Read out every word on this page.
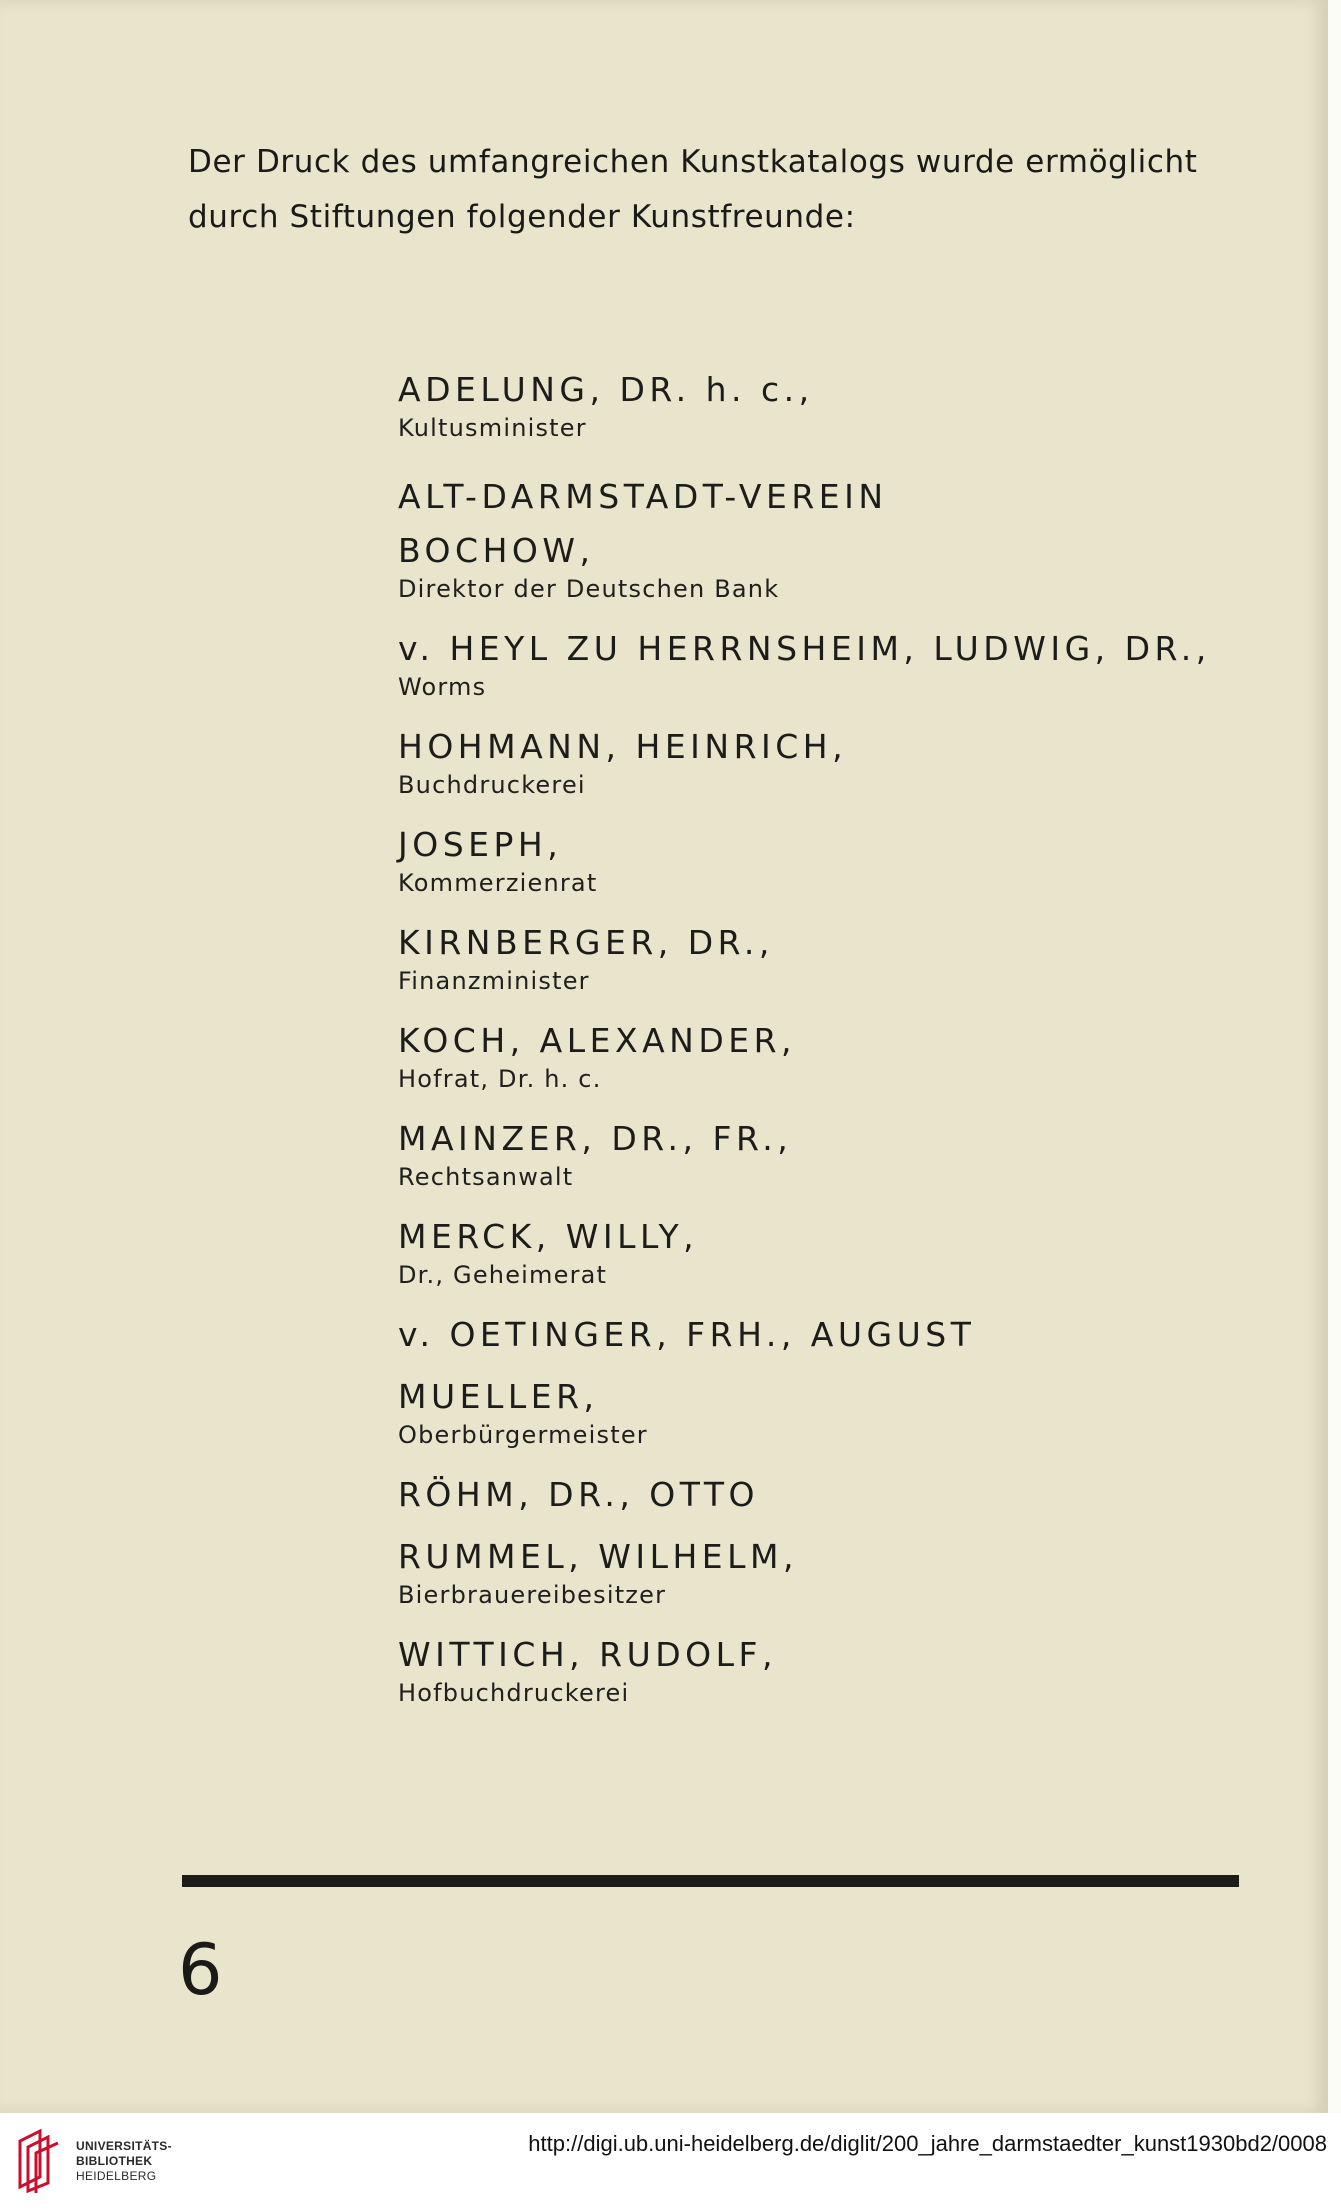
Der Druck des umfangreichen Kunstkatalogs wurde ermöglicht
durch Stiftungen folgender Kunstfreunde:

ADELUNG, DR. h. c.,
Kultusminister
ALT-DARMSTADT-VEREIN
BOCHOW,
Direktor der Deutschen Bank
v. HEYL ZU HERRNSHEIM, LUDWIG, DR.,
Worms
HOHMANN, HEINRICH,
Buchdruckerei
JOSEPH,
Kommerzienrat
KIRNBERGER, DR.,
Finanzminister
KOCH, ALEXANDER,
Hofrat, Dr. h. c.
MAINZER, DR., FR.,
Rechtsanwalt
MERCK, WILLY,
Dr., Geheimerat
v. OETINGER, FRH., AUGUST
MUELLER,
Oberbürgermeister
RÖHM, DR., OTTO
RUMMEL, WILHELM,
Bierbrauereibesitzer
WITTICH, RUDOLF,
Hofbuchdruckerei
6
UNIVERSITÄTS-
BIBLIOTHEK
HEIDELBERG
http://digi.ub.uni-heidelberg.de/diglit/200_jahre_darmstaedter_kunst1930bd2/0008
